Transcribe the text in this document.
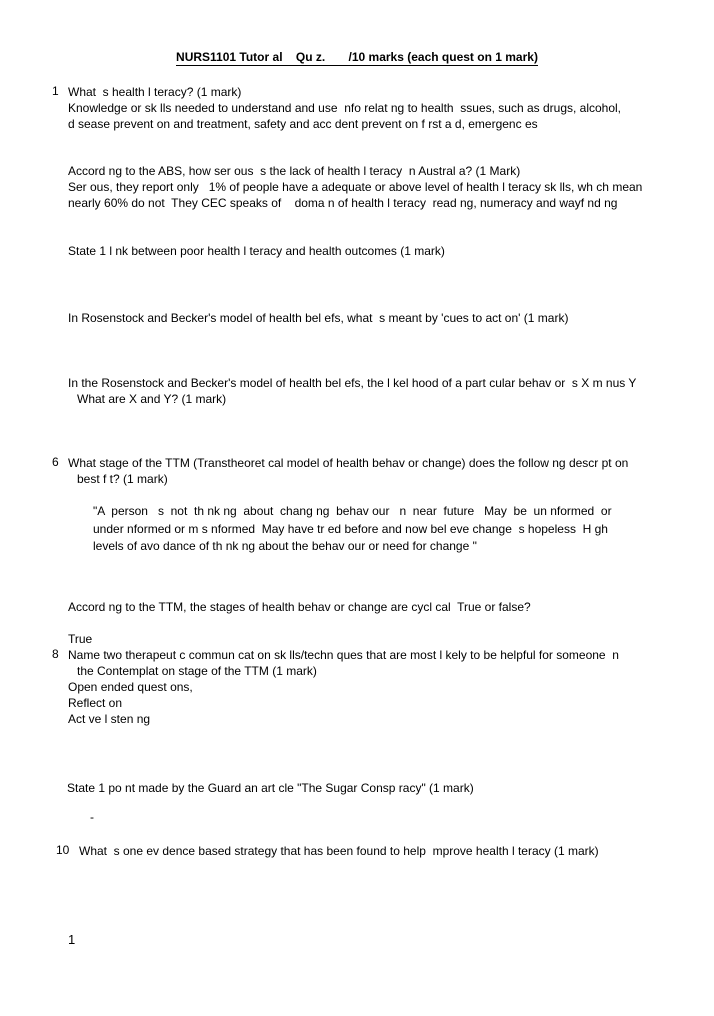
NURS1101 Tutor al    Qu z.       /10 marks (each quest on 1 mark)
1 What  s health l teracy? (1 mark)
Knowledge or sk lls needed to understand and use  nfo relat ng to health  ssues, such as drugs, alcohol,
d sease prevent on and treatment, safety and acc dent prevent on f rst a d, emergenc es
Accord ng to the ABS, how ser ous  s the lack of health l teracy  n Austral a? (1 Mark)
Ser ous, they report only   1% of people have a adequate or above level of health l teracy sk lls, wh ch mean
nearly 60% do not  They CEC speaks of    doma n of health l teracy  read ng, numeracy and wayf nd ng
State 1 l nk between poor health l teracy and health outcomes (1 mark)
In Rosenstock and Becker's model of health bel efs, what  s meant by 'cues to act on' (1 mark)
In the Rosenstock and Becker's model of health bel efs, the l kel hood of a part cular behav or  s X m nus Y
What are X and Y? (1 mark)
6 What stage of the TTM (Transtheoret cal model of health behav or change) does the follow ng descr pt on
best f t? (1 mark)
"A  person   s  not  th nk ng  about  chang ng  behav our   n  near  future   May  be  un nformed  or
under nformed or m s nformed  May have tr ed before and now bel eve change  s hopeless  H gh
levels of avo dance of th nk ng about the behav our or need for change "
Accord ng to the TTM, the stages of health behav or change are cycl cal  True or false?
True
8 Name two therapeut c commun cat on sk lls/techn ques that are most l kely to be helpful for someone  n
the Contemplat on stage of the TTM (1 mark)
Open ended quest ons,
Reflect on
Act ve l sten ng
State 1 po nt made by the Guard an art cle "The Sugar Consp racy" (1 mark)
-
10 What  s one ev dence based strategy that has been found to help  mprove health l teracy (1 mark)
1
